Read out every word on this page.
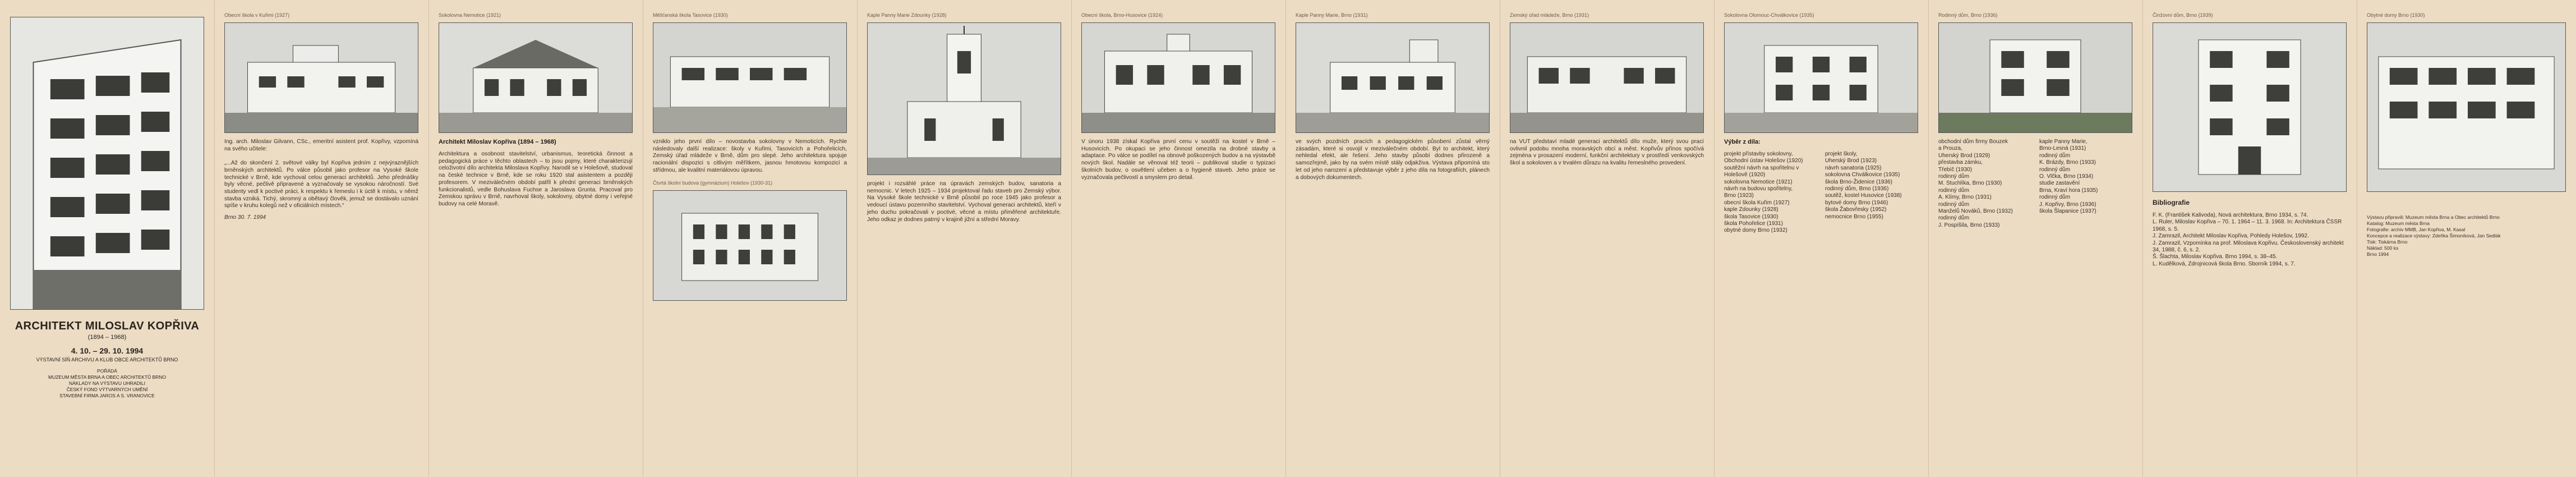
ARCHITEKT MILOSLAV KOPŘIVA
(1894 – 1968)
4. 10. – 29. 10. 1994
VÝSTAVNÍ SÍŇ ARCHIVU A KLUB OBCE ARCHITEKTŮ BRNO
POŘÁDÁ
MUZEUM MĚSTA BRNA A OBEC ARCHITEKTŮ BRNO
NÁKLADY NA VÝSTAVU UHRADILI
ČESKÝ FOND VÝTVARNÝCH UMĚNÍ
STAVEBNÍ FIRMA JAROS A S. VRANOVICE
Obecní škola v Kuřimi (1927)
Ing. arch. Miloslav Gilvann, CSc., emeritní asistent prof. Kopřivy, vzpomíná na svého učitele:

„...Až do skončení 2. světové války byl Kopřiva jedním z nejvýraznějších brněnských architektů. Po válce působil jako profesor na Vysoké škole technické v Brně, kde vychoval celou generaci architektů. Jeho přednášky byly věcné, pečlivě připravené a vyznačovaly se vysokou náročností. Své studenty vedl k poctivé práci, k respektu k řemeslu i k úctě k místu, v němž stavba vzniká. Tichý, skromný a obětavý člověk, jemuž se dostávalo uznání spíše v kruhu kolegů než v oficiálních místech.“
Brno 30. 7. 1994
Sokolovna Nemotice (1921)
Architekt Miloslav Kopřiva (1894 – 1968)
Architektura a osobnost stavitelství, urbanismus, teoretická činnost a pedagogická práce v těchto oblastech – to jsou pojmy, které charakterizují celoživotní dílo architekta Miloslava Kopřivy. Narodil se v Holešově, studoval na české technice v Brně, kde se roku 1920 stal asistentem a později profesorem. V meziválečném období patřil k přední generaci brněnských funkcionalistů, vedle Bohuslava Fuchse a Jaroslava Grunta. Pracoval pro Zemskou správu v Brně, navrhoval školy, sokolovny, obytné domy i veřejné budovy na celé Moravě.
Měšťanská škola Tasovice (1930)
vzniklo jeho první dílo – novostavba sokolovny v Nemoticích. Rychle následovaly další realizace: školy v Kuřimi, Tasovicích a Pohořelicích, Zemský úřad mládeže v Brně, dům pro slepé. Jeho architektura spojuje racionální dispozici s citlivým měřítkem, jasnou hmotovou kompozicí a střídmou, ale kvalitní materiálovou úpravou.
Čtvrtá školní budova (gymnázium) Holešov (1930-31)
Kaple Panny Marie Zdounky (1928)
projekt i rozsáhlé práce na úpravách zemských budov, sanatoria a nemocnic. V letech 1925 – 1934 projektoval řadu staveb pro Zemský výbor. Na Vysoké škole technické v Brně působil po roce 1945 jako profesor a vedoucí ústavu pozemního stavitelství. Vychoval generaci architektů, kteří v jeho duchu pokračovali v poctivé, věcné a místu přiměřené architektuře. Jeho odkaz je dodnes patrný v krajině jižní a střední Moravy.
Obecní škola, Brno-Husovice (1924)
V únoru 1938 získal Kopřiva první cenu v soutěži na kostel v Brně – Husovicích. Po okupaci se jeho činnost omezila na drobné stavby a adaptace. Po válce se podílel na obnově poškozených budov a na výstavbě nových škol. Nadále se věnoval též teorii – publikoval studie o typizaci školních budov, o osvětlení učeben a o hygieně staveb. Jeho práce se vyznačovala pečlivostí a smyslem pro detail.
Kaple Panny Marie, Brno (1931)
ve svých pozdních pracích a pedagogickém působení zůstal věrný zásadám, které si osvojil v meziválečném období. Byl to architekt, který nehledal efekt, ale řešení. Jeho stavby působí dodnes přirozeně a samozřejmě, jako by na svém místě stály odjakživa. Výstava připomíná sto let od jeho narození a představuje výběr z jeho díla na fotografiích, plánech a dobových dokumentech.
Zemský úřad mládeže, Brno (1931)
na VUT představí mladé generaci architektů dílo muže, který svou prací ovlivnil podobu mnoha moravských obcí a měst. Kopřivův přínos spočívá zejména v prosazení moderní, funkční architektury v prostředí venkovských škol a sokoloven a v trvalém důrazu na kvalitu řemeslného provedení.
Sokolovna Olomouc-Chválkovice (1935)
Výběr z díla:
projekt přístavby sokolovny,
Obchodní ústav Holešov (1920)
soutěžní návrh na spořitelnu v Holešově (1920)
sokolovna Nemotice (1921)
návrh na budovu spořitelny,
Brno (1923)
obecní škola Kuřim (1927)
kaple Zdounky (1928)
škola Tasovice (1930)
škola Pohořelice (1931)
obytné domy Brno (1932)
projekt školy,
Uherský Brod (1923)
návrh sanatoria (1925)
sokolovna Chválkovice (1935)
škola Brno-Židenice (1936)
rodinný dům, Brno (1936)
soutěž, kostel Husovice (1938)
bytové domy Brno (1946)
škola Žabovřesky (1952)
nemocnice Brno (1955)
Rodinný dům, Brno (1936)
obchodní dům firmy Bouzek
a Prouza,
Uherský Brod (1929)
přestavba zámku,
Třebíč (1930)
rodinný dům
M. Stuchlíka, Brno (1930)
rodinný dům
A. Klímy, Brno (1931)
rodinný dům
Manželů Nováků, Brno (1932)
rodinný dům
J. Pospíšila, Brno (1933)
kaple Panny Marie,
Brno-Lesná (1931)
rodinný dům
K. Brázdy, Brno (1933)
rodinný dům
O. Vlčka, Brno (1934)
studie zastavění
Brna, Kraví hora (1935)
rodinný dům
J. Kopřivy, Brno (1936)
škola Šlapanice (1937)
Činžovní dům, Brno (1939)
Bibliografie
F. K. (František Kalivoda), Nová architektura, Brno 1934, s. 74.
L. Ruler, Miloslav Kopřiva – 70. 1. 1964 – 11. 3. 1968. In: Architektura ČSSR 1968, s. 5.
J. Zamrazil, Architekt Miloslav Kopřiva, Pohledy Holešov, 1992.
J. Zamrazil, Vzpomínka na prof. Miloslava Kopřivu. Československý architekt 34, 1988, č. 6, s. 2.
Š. Šlachta, Miloslav Kopřiva. Brno 1994, s. 38–45.
L. Kudělková, Zdrojnicová škola Brno. Sborník 1994, s. 7.
Obytné domy Brno (1930)
Výstavu připravili: Muzeum města Brna a Obec architektů Brno
Katalog: Muzeum města Brna
Fotografie: archiv MMB, Jan Kopřiva, M. Kasal
Koncepce a realizace výstavy: Zdeňka Šimoníková, Jan Sedlák
Tisk: Tiskárna Brno
Náklad: 500 ks
Brno 1994
